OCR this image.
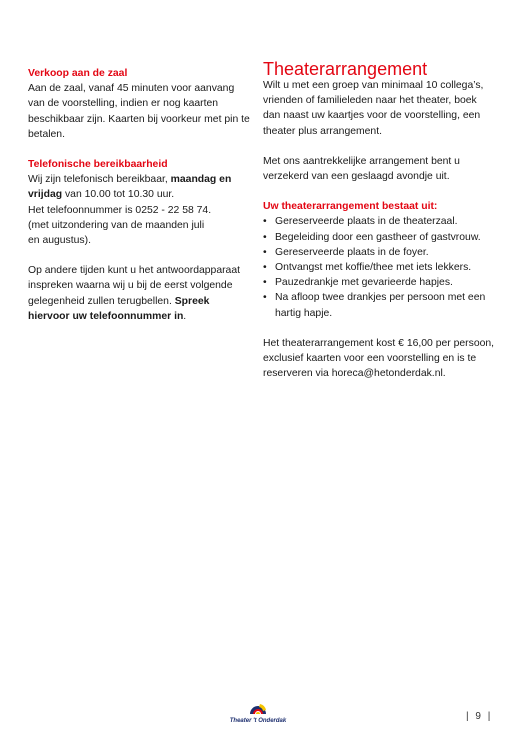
Verkoop aan de zaal
Aan de zaal, vanaf 45 minuten voor aanvang van de voorstelling, indien er nog kaarten beschikbaar zijn. Kaarten bij voorkeur met pin te betalen.
Telefonische bereikbaarheid
Wij zijn telefonisch bereikbaar, maandag en vrijdag van 10.00 tot 10.30 uur.
Het telefoonnummer is 0252 - 22 58 74.
(met uitzondering van de maanden juli
en augustus).
Op andere tijden kunt u het antwoordapparaat inspreken waarna wij u bij de eerst volgende gelegenheid zullen terugbellen. Spreek hiervoor uw telefoonnummer in.
Theaterarrangement
Wilt u met een groep van minimaal 10 collega’s, vrienden of familieleden naar het theater, boek dan naast uw kaartjes voor de voorstelling, een theater plus arrangement.
Met ons aantrekkelijke arrangement bent u verzekerd van een geslaagd avondje uit.
Uw theaterarrangement bestaat uit:
• Gereserveerde plaats in de theaterzaal.
• Begeleiding door een gastheer of gastvrouw.
• Gereserveerde plaats in de foyer.
• Ontvangst met koffie/thee met iets lekkers.
• Pauzedrankje met gevarieerde hapjes.
• Na afloop twee drankjes per persoon met een hartig hapje.
Het theaterarrangement kost € 16,00 per persoon, exclusief kaarten voor een voorstelling en is te reserveren via horeca@hetonderdak.nl.
Theater 't Onderdak	| 9 |
